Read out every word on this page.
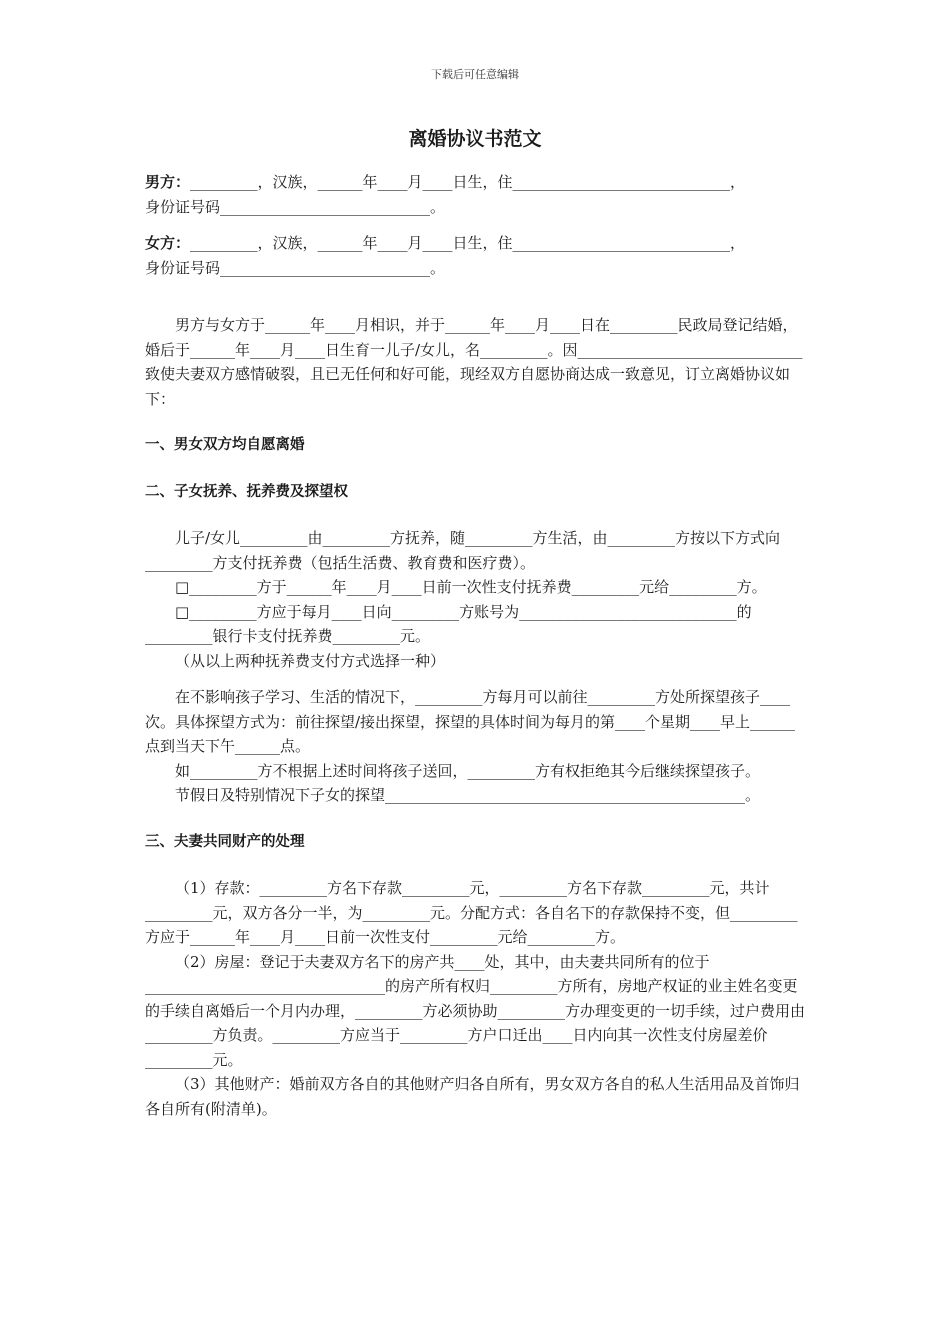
下载后可任意编辑
离婚协议书范文

男方：_________，汉族，______年____月____日生，住_____________________________，

身份证号码____________________________。

女方：_________，汉族，______年____月____日生，住_____________________________，

身份证号码____________________________。

男方与女方于______年____月相识，并于______年____月____日在_________民政局登记结婚，婚后于______年____月____日生育一儿子/女儿，名_________。因______________________________致使夫妻双方感情破裂，且已无任何和好可能，现经双方自愿协商达成一致意见，订立离婚协议如下：

一、男女双方均自愿离婚

二、子女抚养、抚养费及探望权

儿子/女儿_________由_________方抚养，随_________方生活，由_________方按以下方式向_________方支付抚养费（包括生活费、教育费和医疗费）。

□_________方于______年____月____日前一次性支付抚养费_________元给_________方。

□_________方应于每月____日向_________方账号为_____________________________的_________银行卡支付抚养费_________元。

（从以上两种抚养费支付方式选择一种）

在不影响孩子学习、生活的情况下，_________方每月可以前往_________方处所探望孩子____次。具体探望方式为：前往探望/接出探望，探望的具体时间为每月的第____个星期____早上______点到当天下午______点。

如_________方不根据上述时间将孩子送回，_________方有权拒绝其今后继续探望孩子。

节假日及特别情况下子女的探望________________________________________________。

三、夫妻共同财产的处理

（1）存款：_________方名下存款_________元，_________方名下存款_________元，共计_________元，双方各分一半，为_________元。分配方式：各自名下的存款保持不变，但_________方应于______年____月____日前一次性支付_________元给_________方。

（2）房屋：登记于夫妻双方名下的房产共____处，其中，由夫妻共同所有的位于________________________________的房产所有权归_________方所有，房地产权证的业主姓名变更的手续自离婚后一个月内办理，_________方必须协助_________方办理变更的一切手续，过户费用由_________方负责。_________方应当于_________方户口迁出____日内向其一次性支付房屋差价_________元。

（3）其他财产：婚前双方各自的其他财产归各自所有，男女双方各自的私人生活用品及首饰归各自所有(附清单)。
